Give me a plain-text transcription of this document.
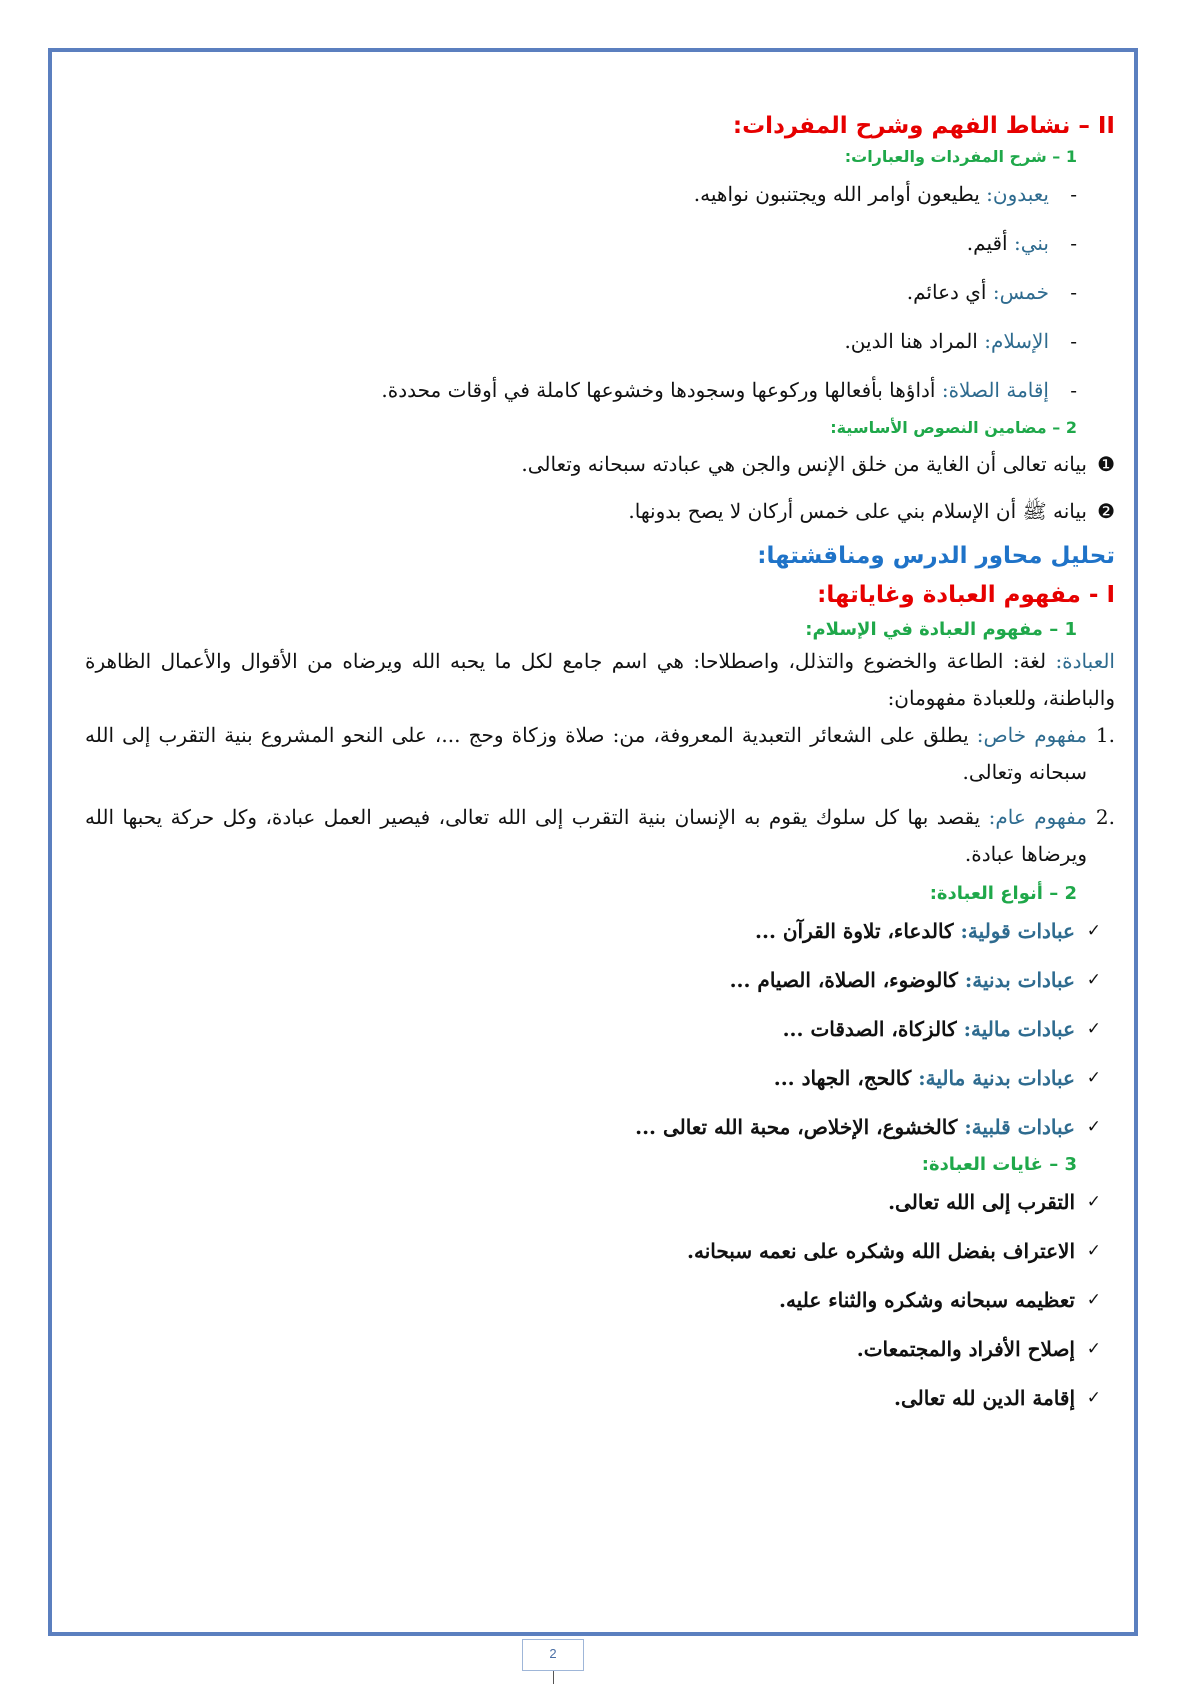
II – نشاط الفهم وشرح المفردات:
1 – شرح المفردات والعبارات:
- يعبدون: يطيعون أوامر الله ويجتنبون نواهيه.
- بني: أقيم.
- خمس: أي دعائم.
- الإسلام: المراد هنا الدين.
- إقامة الصلاة: أداؤها بأفعالها وركوعها وسجودها وخشوعها كاملة في أوقات محددة.
2 – مضامين النصوص الأساسية:
❶
بيانه تعالى أن الغاية من خلق الإنس والجن هي عبادته سبحانه وتعالى.
❷
بيانه ﷺ أن الإسلام بني على خمس أركان لا يصح بدونها.
تحليل محاور الدرس ومناقشتها:
I - مفهوم العبادة وغاياتها:
1 – مفهوم العبادة في الإسلام:

العبادة: لغة: الطاعة والخضوع والتذلل، واصطلاحا: هي اسم جامع لكل ما يحبه الله ويرضاه من الأقوال والأعمال الظاهرة والباطنة، وللعبادة مفهومان:

.1
مفهوم خاص: يطلق على الشعائر التعبدية المعروفة، من: صلاة وزكاة وحج ...، على النحو المشروع بنية التقرب إلى الله سبحانه وتعالى.
.2
مفهوم عام: يقصد بها كل سلوك يقوم به الإنسان بنية التقرب إلى الله تعالى، فيصير العمل عبادة، وكل حركة يحبها الله ويرضاها عبادة.
2 – أنواع العبادة:
✓
عبادات قولية: كالدعاء، تلاوة القرآن ...
✓
عبادات بدنية: كالوضوء، الصلاة، الصيام ...
✓
عبادات مالية: كالزكاة، الصدقات ...
✓
عبادات بدنية مالية: كالحج، الجهاد ...
✓
عبادات قلبية: كالخشوع، الإخلاص، محبة الله تعالى ...
3 – غايات العبادة:
✓
التقرب إلى الله تعالى.
✓
الاعتراف بفضل الله وشكره على نعمه سبحانه.
✓
تعظيمه سبحانه وشكره والثناء عليه.
✓
إصلاح الأفراد والمجتمعات.
✓
إقامة الدين لله تعالى.
2
